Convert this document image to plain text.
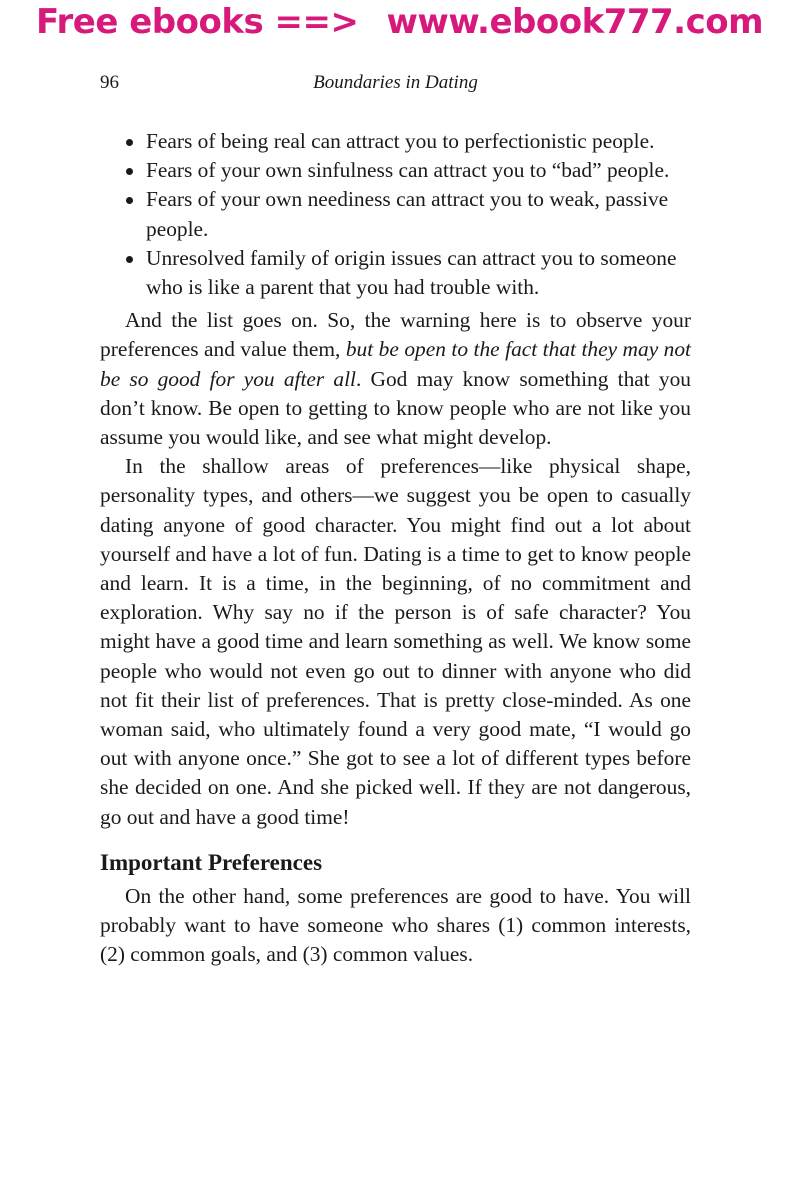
Free ebooks ==> www.ebook777.com
96	Boundaries in Dating
Fears of being real can attract you to perfectionistic people.
Fears of your own sinfulness can attract you to “bad” people.
Fears of your own neediness can attract you to weak, passive people.
Unresolved family of origin issues can attract you to someone who is like a parent that you had trouble with.

And the list goes on. So, the warning here is to observe your preferences and value them, but be open to the fact that they may not be so good for you after all. God may know something that you don’t know. Be open to getting to know people who are not like you assume you would like, and see what might develop.

In the shallow areas of preferences—like physical shape, personality types, and others—we suggest you be open to casually dating anyone of good character. You might find out a lot about yourself and have a lot of fun. Dating is a time to get to know people and learn. It is a time, in the beginning, of no commitment and exploration. Why say no if the person is of safe character? You might have a good time and learn something as well. We know some people who would not even go out to dinner with anyone who did not fit their list of preferences. That is pretty close-minded. As one woman said, who ultimately found a very good mate, “I would go out with anyone once.” She got to see a lot of different types before she decided on one. And she picked well. If they are not dangerous, go out and have a good time!

Important Preferences

On the other hand, some preferences are good to have. You will probably want to have someone who shares (1) common interests, (2) common goals, and (3) common values.
